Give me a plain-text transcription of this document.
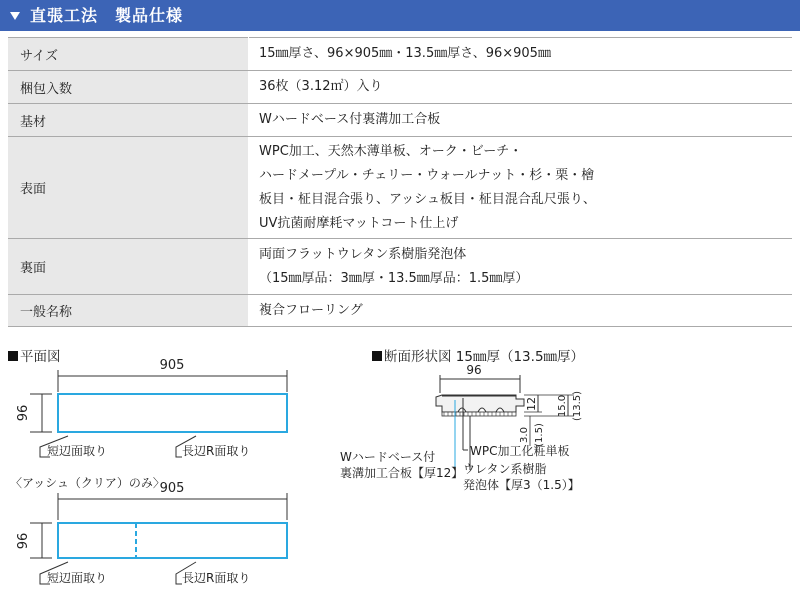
直張工法　製品仕様
サイズ	15㎜厚さ、96×905㎜・13.5㎜厚さ、96×905㎜

梱包入数	36枚（3.12㎡）入り

基材	Wハードベース付裏溝加工合板

表面	WPC加工、天然木薄単板、オーク・ビーチ・
ハードメープル・チェリー・ウォールナット・杉・栗・檜
板目・柾目混合張り、アッシュ板目・柾目混合乱尺張り、
UV抗菌耐摩耗マットコート仕上げ

裏面	両面フラットウレタン系樹脂発泡体
（15㎜厚品：3㎜厚・13.5㎜厚品：1.5㎜厚）

一般名称	複合フローリング
平面図	断面形状図 15㎜厚（13.5㎜厚）
905
96
短辺面取り	長辺R面取り
〈アッシュ（クリア）のみ〉
905
96
短辺面取り	長辺R面取り
96
12 15.0 (13.5)
3.0 (1.5)
Wハードベース付
裏溝加工合板【厚12】
WPC加工化粧単板
ウレタン系樹脂
発泡体【厚3（1.5）】
